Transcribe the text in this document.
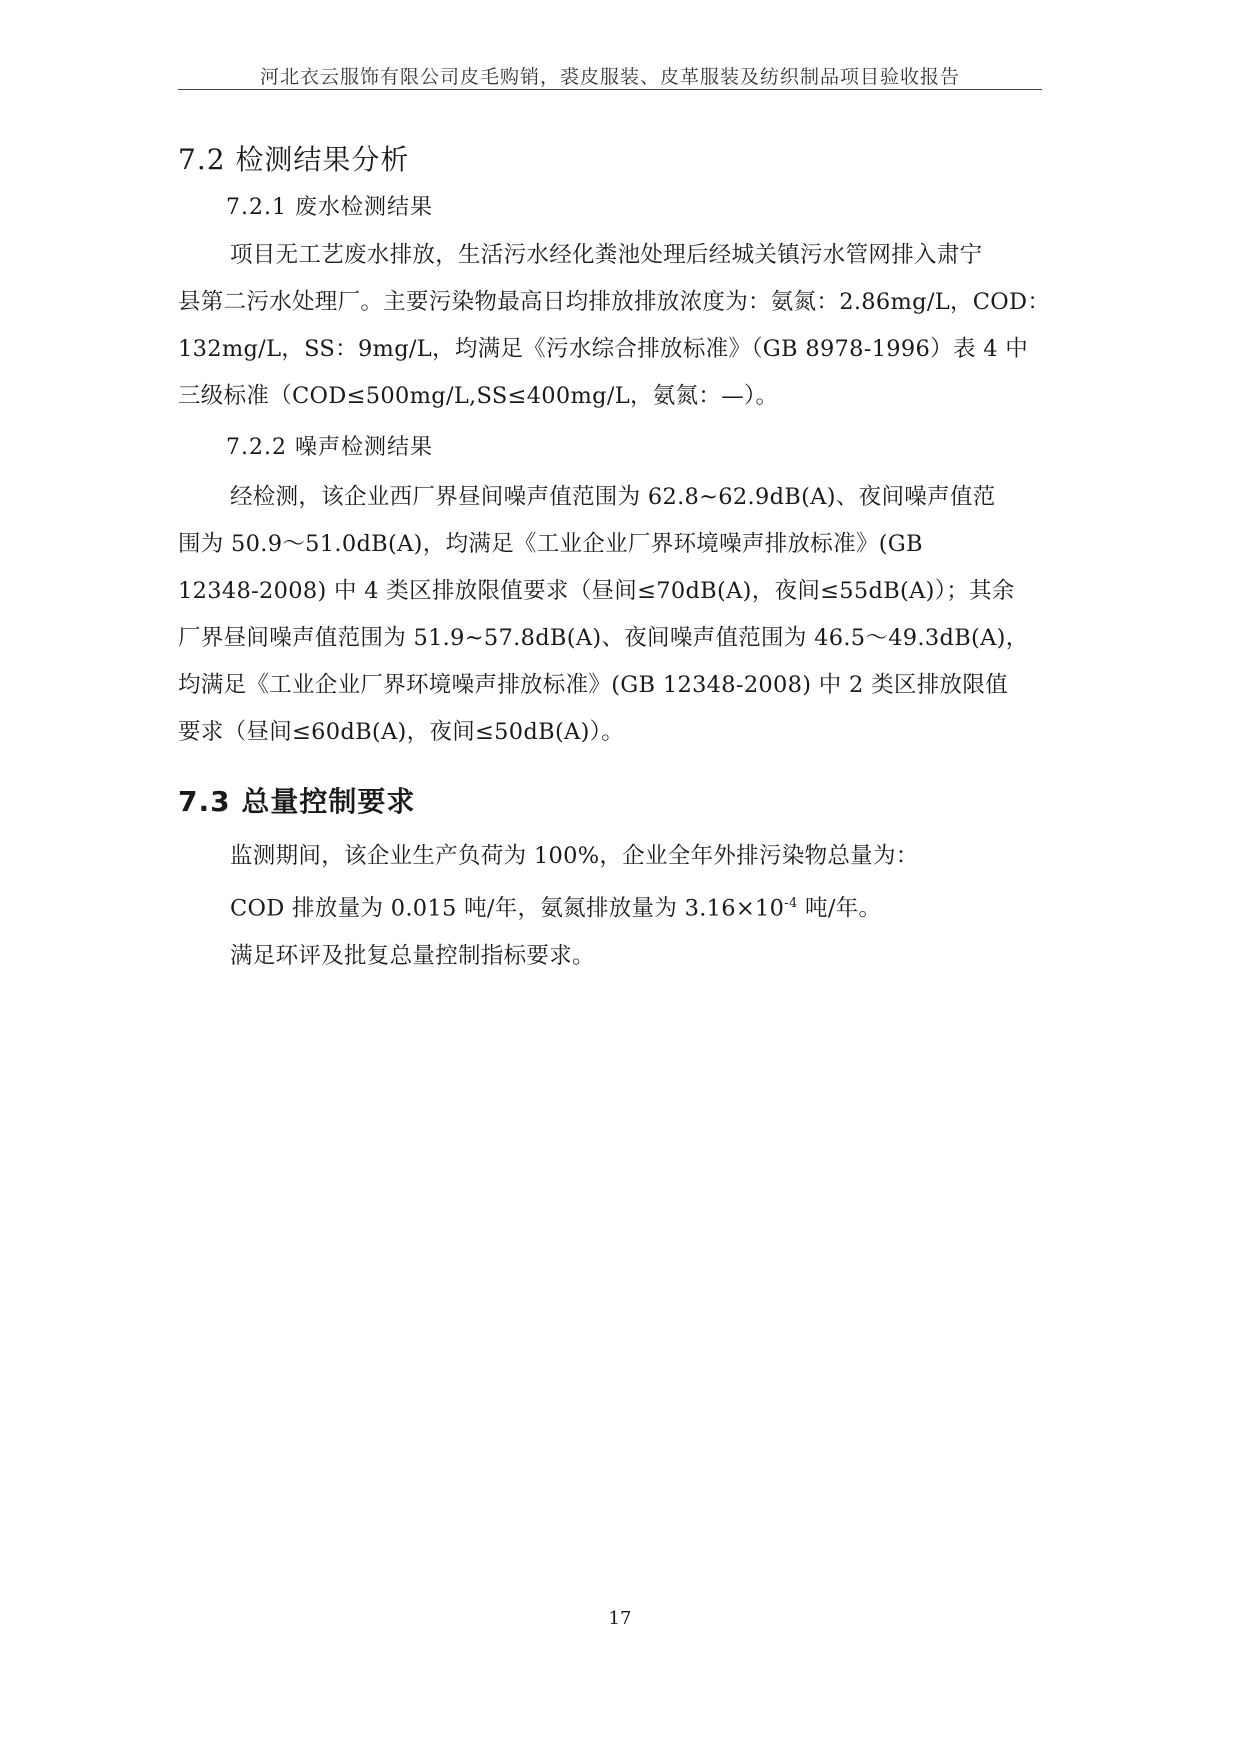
河北衣云服饰有限公司皮毛购销，裘皮服装、皮革服装及纺织制品项目验收报告
7.2 检测结果分析
7.2.1 废水检测结果
项目无工艺废水排放，生活污水经化粪池处理后经城关镇污水管网排入肃宁
县第二污水处理厂。主要污染物最高日均排放排放浓度为：氨氮：2.86mg/L，COD：
132mg/L，SS：9mg/L，均满足《污水综合排放标准》（GB 8978-1996）表 4 中
三级标准（COD≤500mg/L,SS≤400mg/L，氨氮：—）。
7.2.2 噪声检测结果
经检测，该企业西厂界昼间噪声值范围为 62.8~62.9dB(A)、夜间噪声值范
围为 50.9～51.0dB(A)，均满足《工业企业厂界环境噪声排放标准》(GB
12348-2008) 中 4 类区排放限值要求（昼间≤70dB(A)，夜间≤55dB(A)）；其余
厂界昼间噪声值范围为 51.9~57.8dB(A)、夜间噪声值范围为 46.5～49.3dB(A)，
均满足《工业企业厂界环境噪声排放标准》(GB 12348-2008) 中 2 类区排放限值
要求（昼间≤60dB(A)，夜间≤50dB(A)）。
7.3 总量控制要求
监测期间，该企业生产负荷为 100%，企业全年外排污染物总量为：
COD 排放量为 0.015 吨/年，氨氮排放量为 $3.16\times 10^{-4}$ 吨/年。
满足环评及批复总量控制指标要求。
17
